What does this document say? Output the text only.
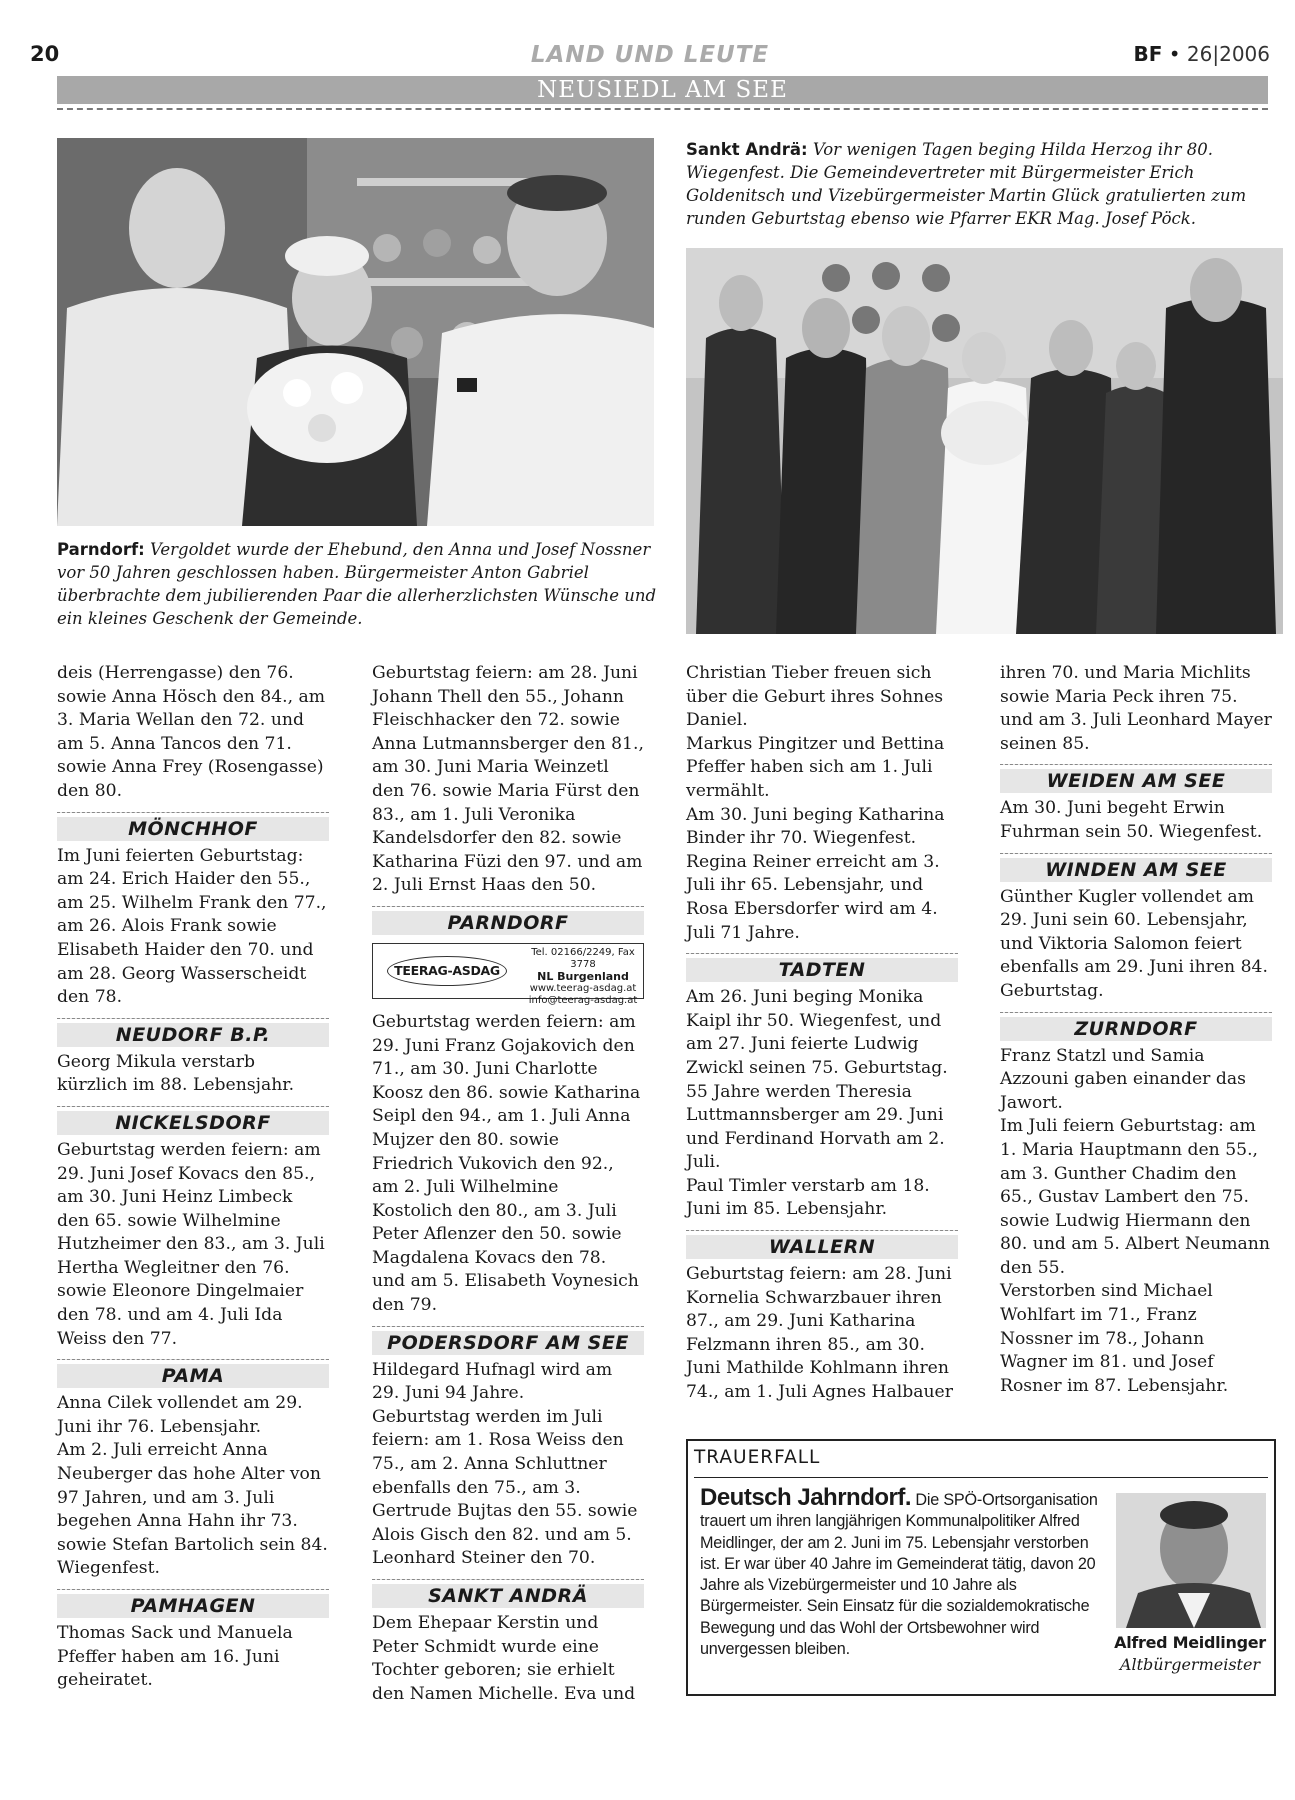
20	LAND UND LEUTE	BF • 26|2006
NEUSIEDL AM SEE
Parndorf: Vergoldet wurde der Ehebund, den Anna und Josef Nossner vor 50 Jahren geschlossen haben. Bürgermeister Anton Gabriel überbrachte dem jubilierenden Paar die allerherzlichsten Wünsche und ein kleines Geschenk der Gemeinde.
Sankt Andrä: Vor wenigen Tagen beging Hilda Herzog ihr 80. Wiegenfest. Die Gemeindevertreter mit Bürgermeister Erich Goldenitsch und Vizebürgermeister Martin Glück gratulierten zum runden Geburtstag ebenso wie Pfarrer EKR Mag. Josef Pöck.

deis (Herrengasse) den 76. sowie Anna Hösch den 84., am 3. Maria Wellan den 72. und am 5. Anna Tancos den 71. sowie Anna Frey (Rosengasse) den 80.

MÖNCHHOF

Im Juni feierten Geburtstag: am 24. Erich Haider den 55., am 25. Wilhelm Frank den 77., am 26. Alois Frank sowie Elisabeth Haider den 70. und am 28. Georg Wasserscheidt den 78.

NEUDORF B.P.

Georg Mikula verstarb kürzlich im 88. Lebensjahr.

NICKELSDORF

Geburtstag werden feiern: am 29. Juni Josef Kovacs den 85., am 30. Juni Heinz Limbeck den 65. sowie Wilhelmine Hutzheimer den 83., am 3. Juli Hertha Wegleitner den 76. sowie Eleonore Dingelmaier den 78. und am 4. Juli Ida Weiss den 77.

PAMA

Anna Cilek vollendet am 29. Juni ihr 76. Lebensjahr.

Am 2. Juli erreicht Anna Neuberger das hohe Alter von 97 Jahren, und am 3. Juli begehen Anna Hahn ihr 73. sowie Stefan Bartolich sein 84. Wiegenfest.

PAMHAGEN

Thomas Sack und Manuela Pfeffer haben am 16. Juni geheiratet.

Geburtstag feiern: am 28. Juni Johann Thell den 55., Johann Fleischhacker den 72. sowie Anna Lutmannsberger den 81., am 30. Juni Maria Weinzetl den 76. sowie Maria Fürst den 83., am 1. Juli Veronika Kandelsdorfer den 82. sowie Katharina Füzi den 97. und am 2. Juli Ernst Haas den 50.

PARNDORF
TEERAG-ASDAG
Tel. 02166/2249, Fax 3778
NL Burgenland
www.teerag-asdag.at
info@teerag-asdag.at

Geburtstag werden feiern: am 29. Juni Franz Gojakovich den 71., am 30. Juni Charlotte Koosz den 86. sowie Katharina Seipl den 94., am 1. Juli Anna Mujzer den 80. sowie Friedrich Vukovich den 92., am 2. Juli Wilhelmine Kostolich den 80., am 3. Juli Peter Aflenzer den 50. sowie Magdalena Kovacs den 78. und am 5. Elisabeth Voynesich den 79.

PODERSDORF AM SEE

Hildegard Hufnagl wird am 29. Juni 94 Jahre.

Geburtstag werden im Juli feiern: am 1. Rosa Weiss den 75., am 2. Anna Schluttner ebenfalls den 75., am 3. Gertrude Bujtas den 55. sowie Alois Gisch den 82. und am 5. Leonhard Steiner den 70.

SANKT ANDRÄ

Dem Ehepaar Kerstin und Peter Schmidt wurde eine Tochter geboren; sie erhielt den Namen Michelle. Eva und

Christian Tieber freuen sich über die Geburt ihres Sohnes Daniel.

Markus Pingitzer und Bettina Pfeffer haben sich am 1. Juli vermählt.

Am 30. Juni beging Katharina Binder ihr 70. Wiegenfest.

Regina Reiner erreicht am 3. Juli ihr 65. Lebensjahr, und Rosa Ebersdorfer wird am 4. Juli 71 Jahre.

TADTEN

Am 26. Juni beging Monika Kaipl ihr 50. Wiegenfest, und am 27. Juni feierte Ludwig Zwickl seinen 75. Geburtstag.

55 Jahre werden Theresia Luttmannsberger am 29. Juni und Ferdinand Horvath am 2. Juli.

Paul Timler verstarb am 18. Juni im 85. Lebensjahr.

WALLERN

Geburtstag feiern: am 28. Juni Kornelia Schwarzbauer ihren 87., am 29. Juni Katharina Felzmann ihren 85., am 30. Juni Mathilde Kohlmann ihren 74., am 1. Juli Agnes Halbauer

ihren 70. und Maria Michlits sowie Maria Peck ihren 75. und am 3. Juli Leonhard Mayer seinen 85.

WEIDEN AM SEE

Am 30. Juni begeht Erwin Fuhrman sein 50. Wiegenfest.

WINDEN AM SEE

Günther Kugler vollendet am 29. Juni sein 60. Lebensjahr, und Viktoria Salomon feiert ebenfalls am 29. Juni ihren 84. Geburtstag.

ZURNDORF

Franz Statzl und Samia Azzouni gaben einander das Jawort.

Im Juli feiern Geburtstag: am 1. Maria Hauptmann den 55., am 3. Gunther Chadim den 65., Gustav Lambert den 75. sowie Ludwig Hiermann den 80. und am 5. Albert Neumann den 55.

Verstorben sind Michael Wohlfart im 71., Franz Nossner im 78., Johann Wagner im 81. und Josef Rosner im 87. Lebensjahr.

TRAUERFALL
Deutsch Jahrndorf. Die SPÖ-Ortsorganisation trauert um ihren langjährigen Kommunalpolitiker Alfred Meidlinger, der am 2. Juni im 75. Lebensjahr verstorben ist. Er war über 40 Jahre im Gemeinderat tätig, davon 20 Jahre als Vizebürgermeister und 10 Jahre als Bürgermeister. Sein Einsatz für die sozialdemokratische Bewegung und das Wohl der Ortsbewohner wird unvergessen bleiben.	Alfred Meidlinger
Altbürgermeister
